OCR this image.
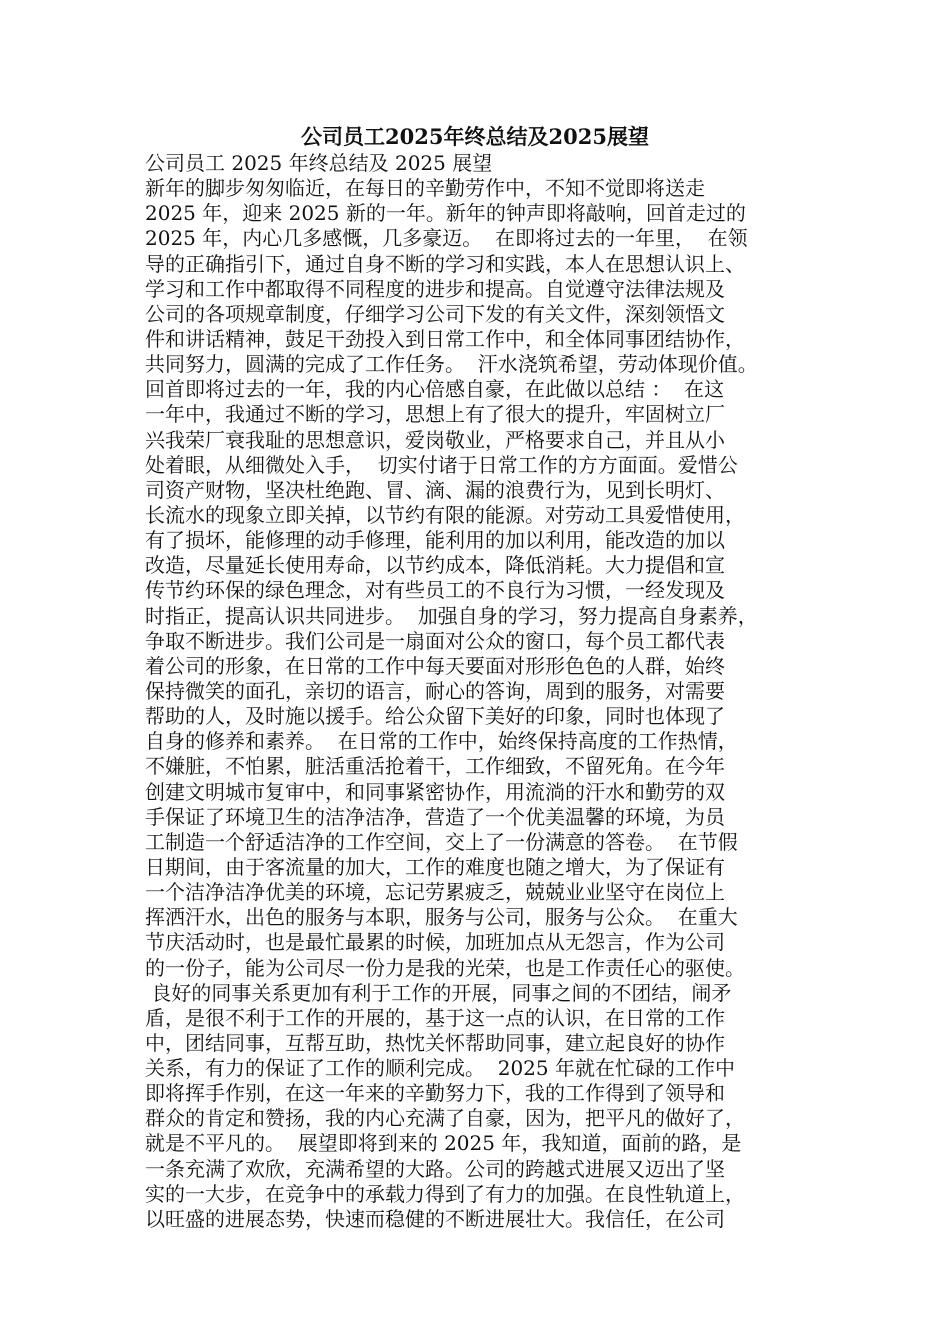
公司员工2025年终总结及2025展望
公司员工 2025 年终总结及 2025 展望
新年的脚步匆匆临近，在每日的辛勤劳作中，不知不觉即将送走
2025 年，迎来 2025 新的一年。新年的钟声即将敲响，回首走过的
2025 年，内心几多感慨，几多豪迈。  在即将过去的一年里，  在领
导的正确指引下，通过自身不断的学习和实践，本人在思想认识上、
学习和工作中都取得不同程度的进步和提高。自觉遵守法律法规及
公司的各项规章制度，仔细学习公司下发的有关文件，深刻领悟文
件和讲话精神，鼓足干劲投入到日常工作中，和全体同事团结协作，
共同努力，圆满的完成了工作任务。  汗水浇筑希望，劳动体现价值。
回首即将过去的一年，我的内心倍感自豪，在此做以总结 ：  在这
一年中，我通过不断的学习，思想上有了很大的提升，牢固树立厂
兴我荣厂衰我耻的思想意识，爱岗敬业，严格要求自己，并且从小
处着眼，从细微处入手，  切实付诸于日常工作的方方面面。爱惜公
司资产财物，坚决杜绝跑、冒、滴、漏的浪费行为，见到长明灯、
长流水的现象立即关掉，以节约有限的能源。对劳动工具爱惜使用，
有了损坏，能修理的动手修理，能利用的加以利用，能改造的加以
改造，尽量延长使用寿命，以节约成本，降低消耗。大力提倡和宣
传节约环保的绿色理念，对有些员工的不良行为习惯，一经发现及
时指正，提高认识共同进步。  加强自身的学习，努力提高自身素养，
争取不断进步。我们公司是一扇面对公众的窗口，每个员工都代表
着公司的形象，在日常的工作中每天要面对形形色色的人群，始终
保持微笑的面孔，亲切的语言，耐心的答询，周到的服务，对需要
帮助的人，及时施以援手。给公众留下美好的印象，同时也体现了
自身的修养和素养。  在日常的工作中，始终保持高度的工作热情，
不嫌脏，不怕累，脏活重活抢着干，工作细致，不留死角。在今年
创建文明城市复审中，和同事紧密协作，用流淌的汗水和勤劳的双
手保证了环境卫生的洁净洁净，营造了一个优美温馨的环境，为员
工制造一个舒适洁净的工作空间，交上了一份满意的答卷。  在节假
日期间，由于客流量的加大，工作的难度也随之增大，为了保证有
一个洁净洁净优美的环境，忘记劳累疲乏，兢兢业业坚守在岗位上
挥洒汗水，出色的服务与本职，服务与公司，服务与公众。  在重大
节庆活动时，也是最忙最累的时候，加班加点从无怨言，作为公司
的一份子，能为公司尽一份力是我的光荣，也是工作责任心的驱使。
良好的同事关系更加有利于工作的开展，同事之间的不团结，闹矛
盾，是很不利于工作的开展的，基于这一点的认识，在日常的工作
中，团结同事，互帮互助，热忱关怀帮助同事，建立起良好的协作
关系，有力的保证了工作的顺利完成。  2025 年就在忙碌的工作中
即将挥手作别，在这一年来的辛勤努力下，我的工作得到了领导和
群众的肯定和赞扬，我的内心充满了自豪，因为，把平凡的做好了，
就是不平凡的。  展望即将到来的 2025 年，我知道，面前的路，是
一条充满了欢欣，充满希望的大路。公司的跨越式进展又迈出了坚
实的一大步，在竞争中的承载力得到了有力的加强。在良性轨道上，
以旺盛的进展态势，快速而稳健的不断进展壮大。我信任，在公司
